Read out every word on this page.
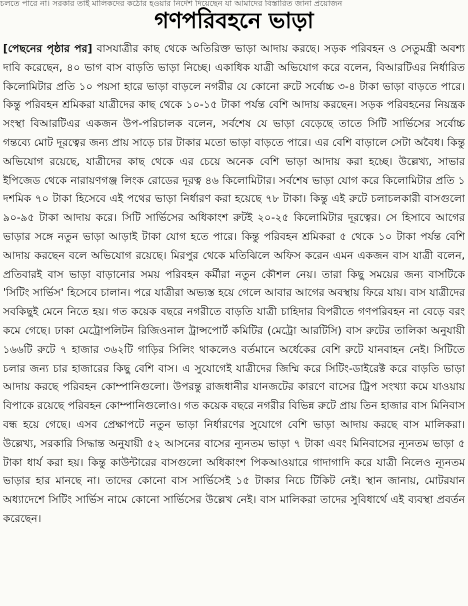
চলতে পারে না। সরকার তাই মালিকদের কঠোর হওয়ার নির্দেশ দিয়েছেন যা আমাদের বিস্তারিত জানা প্রয়োজন
গণপরিবহনে ভাড়া

[পেছনের পৃষ্ঠার পর] বাসযাত্রীর কাছ থেকে অতিরিক্ত ভাড়া আদায় করছে। সড়ক পরিবহন ও সেতুমন্ত্রী অবশ্য দাবি করেছেন, ৪০ ভাগ বাস বাড়তি ভাড়া নিচ্ছে। একাধিক যাত্রী অভিযোগ করে বলেন, বিআরটিএর নির্ধারিত কিলোমিটার প্রতি ১০ পয়সা হারে ভাড়া বাড়লে নগরীর যে কোনো রুটে সর্বোচ্চ ৩-৪ টাকা ভাড়া বাড়তে পারে। কিন্তু পরিবহন শ্রমিকরা যাত্রীদের কাছ থেকে ১০-১৫ টাকা পর্যন্ত বেশি আদায় করছেন। সড়ক পরিবহনের নিয়ন্ত্রক সংস্থা বিআরটিএর একজন উপ-পরিচালক বলেন, সর্বশেষ যে ভাড়া বেড়েছে তাতে সিটি সার্ভিসের সর্বোচ্চ গন্তব্যে মোট দূরত্বের জন্য প্রায় সাড়ে চার টাকার মতো ভাড়া বাড়তে পারে। এর বেশি বাড়ালে সেটা অবৈধ। কিন্তু অভিযোগ রয়েছে, যাত্রীদের কাছ থেকে এর চেয়ে অনেক বেশি ভাড়া আদায় করা হচ্ছে। উল্লেখ্য, সাভার ইপিজেড থেকে নারায়ণগঞ্জ লিংক রোডের দূরত্ব ৪৬ কিলোমিটার। সর্বশেষ ভাড়া যোগ করে কিলোমিটার প্রতি ১ দশমিক ৭০ টাকা হিসেবে এই পথের ভাড়া নির্ধারণ করা হয়েছে ৭৮ টাকা। কিন্তু এই রুটে চলাচলকারী বাসগুলো ৯০-৯৫ টাকা আদায় করে। সিটি সার্ভিসের অধিকাংশ রুটই ২০-২৫ কিলোমিটার দূরত্বের। সে হিসাবে আগের ভাড়ার সঙ্গে নতুন ভাড়া আড়াই টাকা যোগ হতে পারে। কিন্তু পরিবহন শ্রমিকরা ৫ থেকে ১০ টাকা পর্যন্ত বেশি আদায় করছেন বলে অভিযোগ রয়েছে। মিরপুর থেকে মতিঝিলে অফিস করেন এমন একজন বাস যাত্রী বলেন, প্রতিবারই বাস ভাড়া বাড়ানোর সময় পরিবহন কর্মীরা নতুন কৌশল নেয়। তারা কিছু সময়ের জন্য বাসটিকে 'সিটিং সার্ভিস' হিসেবে চালান। পরে যাত্রীরা অভ্যস্ত হয়ে গেলে আবার আগের অবস্থায় ফিরে যায়। বাস যাত্রীদের সবকিছুই মেনে নিতে হয়। গত কয়েক বছরে নগরীতে বাড়তি যাত্রী চাহিদার বিপরীতে গণপরিবহন না বেড়ে বরং কমে গেছে। ঢাকা মেট্রোপলিটন রিজিওনাল ট্রান্সপোর্ট কমিটির (মেট্রো আরটিসি) বাস রুটের তালিকা অনুযায়ী ১৬৬টি রুটে ৭ হাজার ৩৬২টি গাড়ির সিলিং থাকলেও বর্তমানে অর্ধেকের বেশি রুটে যানবাহন নেই। সিটিতে চলার জন্য চার হাজারের কিছু বেশি বাস। এ সুযোগেই যাত্রীদের জিম্মি করে সিটিং-ডাইরেক্ট করে বাড়তি ভাড়া আদায় করছে পরিবহন কোম্পানিগুলো। উপরন্তু রাজধানীর যানজটের কারণে বাসের ট্রিপ সংখ্যা কমে যাওয়ায় বিপাকে রয়েছে পরিবহন কোম্পানিগুলোও। গত কয়েক বছরে নগরীর বিভিন্ন রুটে প্রায় তিন হাজার বাস মিনিবাস বন্ধ হয়ে গেছে। এসব প্রেক্ষাপটে নতুন ভাড়া নির্ধারণের সুযোগে বেশি ভাড়া আদায় করছে বাস মালিকরা। উল্লেখ্য, সরকারি সিদ্ধান্ত অনুযায়ী ৫২ আসনের বাসের ন্যূনতম ভাড়া ৭ টাকা এবং মিনিবাসের ন্যূনতম ভাড়া ৫ টাকা ধার্য করা হয়। কিন্তু কাউন্টারের বাসগুলো অধিকাংশ পিকআওয়ারে গাদাগাদি করে যাত্রী নিলেও ন্যূনতম ভাড়ার হার মানছে না। তাদের কোনো বাস সার্ভিসেই ১৫ টাকার নিচে টিকিট নেই। স্থান জানায়, মোটরযান অধ্যাদেশে সিটিং সার্ভিস নামে কোনো সার্ভিসের উল্লেখ নেই। বাস মালিকরা তাদের সুবিধার্থে এই ব্যবস্থা প্রবর্তন করেছেন।
